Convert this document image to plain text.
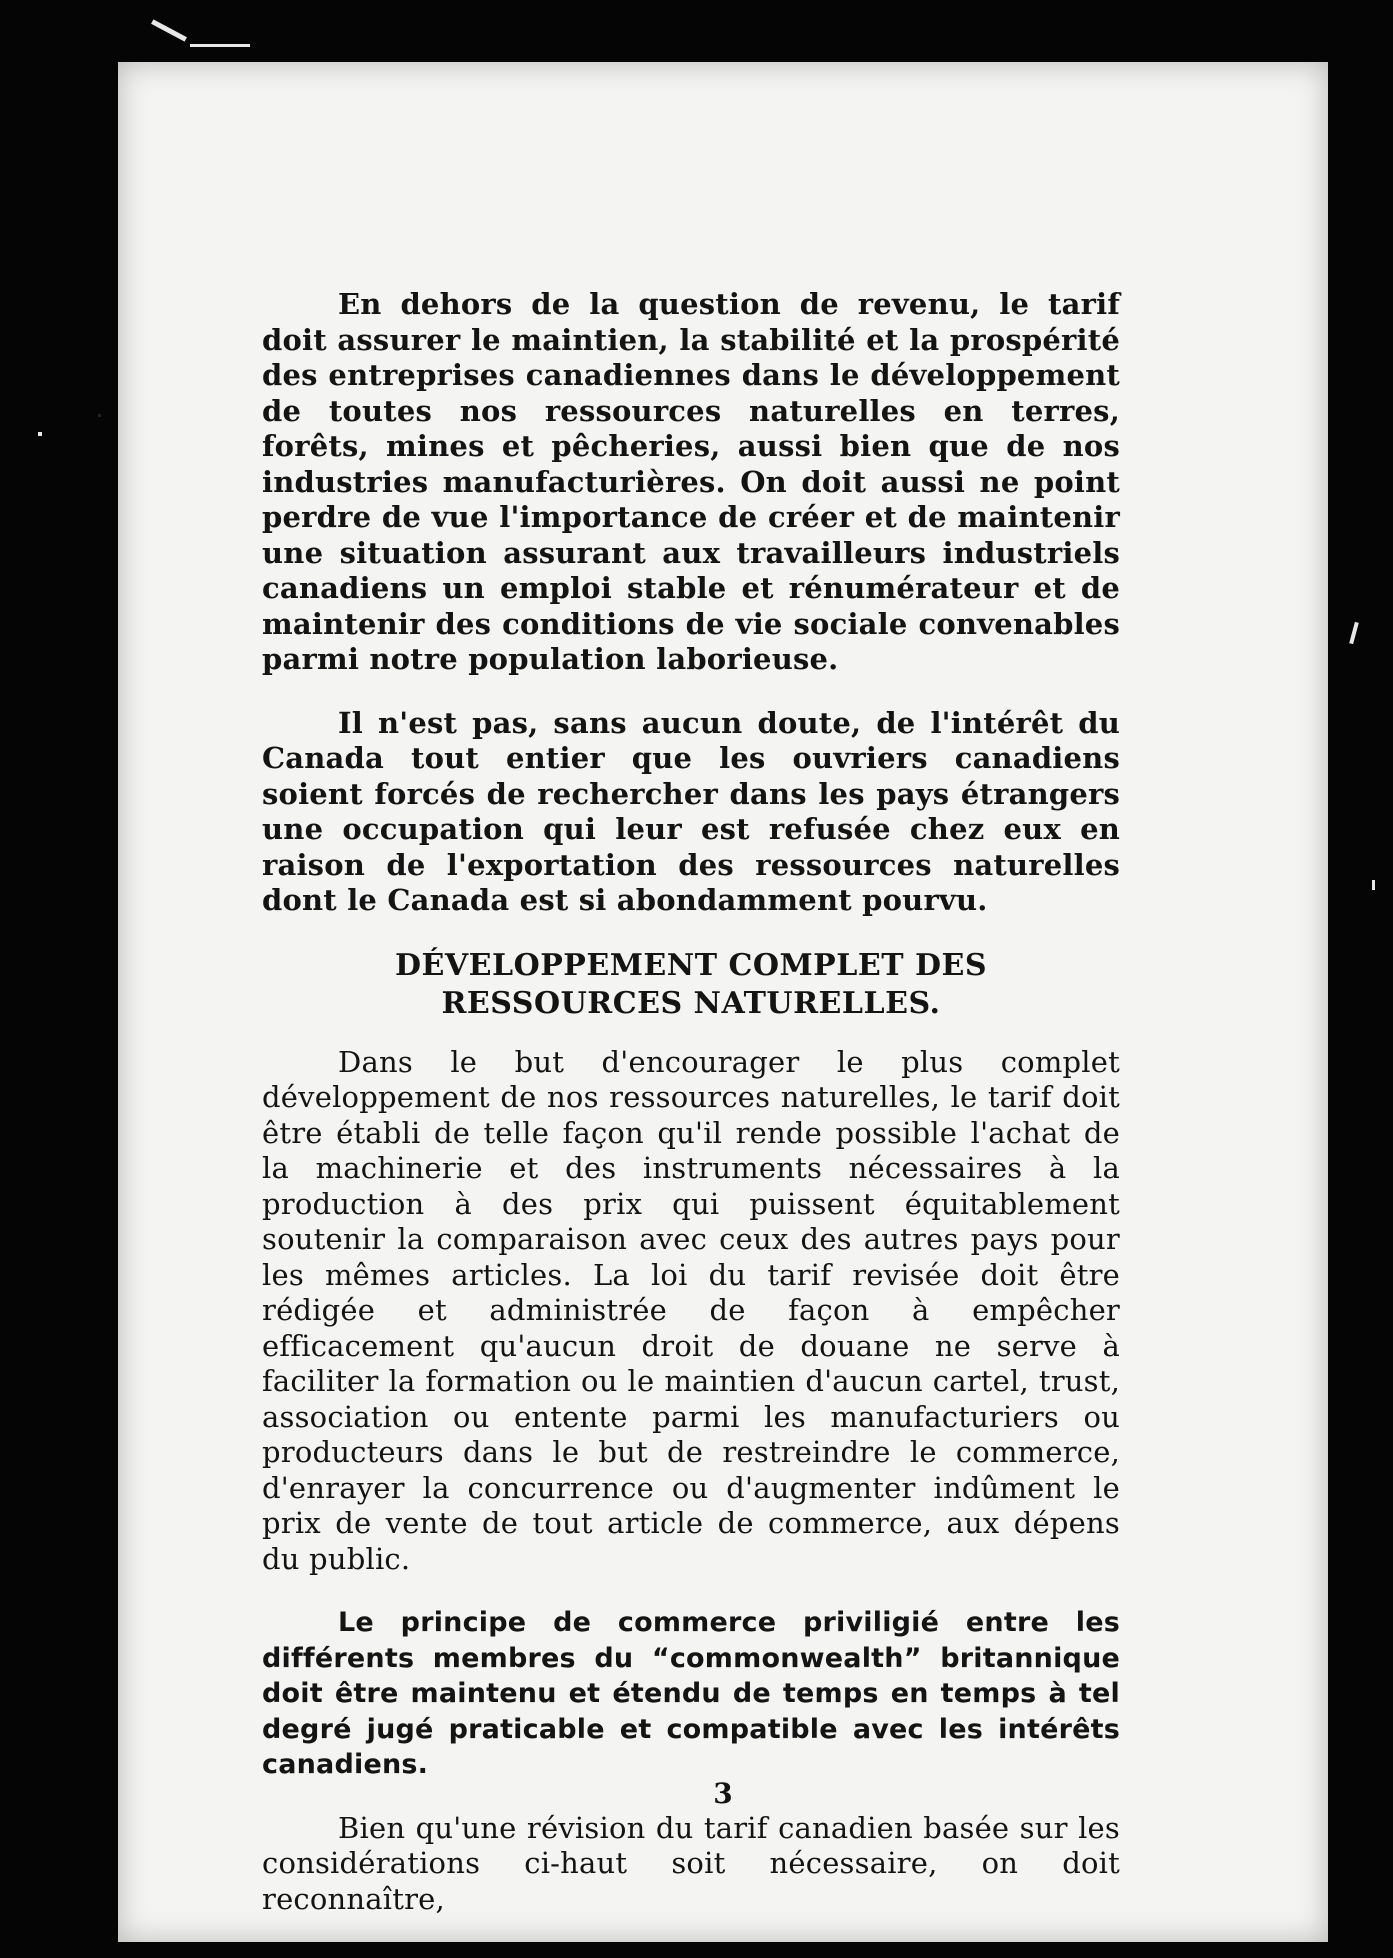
En dehors de la question de revenu, le tarif doit assurer le maintien, la stabilité et la prospérité des entreprises canadiennes dans le développement de toutes nos ressources naturelles en terres, forêts, mines et pêcheries, aussi bien que de nos industries manufacturières. On doit aussi ne point perdre de vue l'importance de créer et de maintenir une situation assurant aux travailleurs industriels canadiens un emploi stable et rénumérateur et de maintenir des conditions de vie sociale convenables parmi notre population laborieuse.

Il n'est pas, sans aucun doute, de l'intérêt du Canada tout entier que les ouvriers canadiens soient forcés de rechercher dans les pays étrangers une occupation qui leur est refusée chez eux en raison de l'exportation des ressources naturelles dont le Canada est si abondamment pourvu.

DÉVELOPPEMENT COMPLET DES
RESSOURCES NATURELLES.

Dans le but d'encourager le plus complet développement de nos ressources naturelles, le tarif doit être établi de telle façon qu'il rende possible l'achat de la machinerie et des instruments nécessaires à la production à des prix qui puissent équitablement soutenir la comparaison avec ceux des autres pays pour les mêmes articles. La loi du tarif revisée doit être rédigée et administrée de façon à empêcher efficacement qu'aucun droit de douane ne serve à faciliter la formation ou le maintien d'aucun cartel, trust, association ou entente parmi les manufacturiers ou producteurs dans le but de restreindre le commerce, d'enrayer la concurrence ou d'augmenter indûment le prix de vente de tout article de commerce, aux dépens du public.

Le principe de commerce priviligié entre les différents membres du “commonwealth” britannique doit être maintenu et étendu de temps en temps à tel degré jugé praticable et compatible avec les intérêts canadiens.

Bien qu'une révision du tarif canadien basée sur les considérations ci-haut soit nécessaire, on doit reconnaître,

3
